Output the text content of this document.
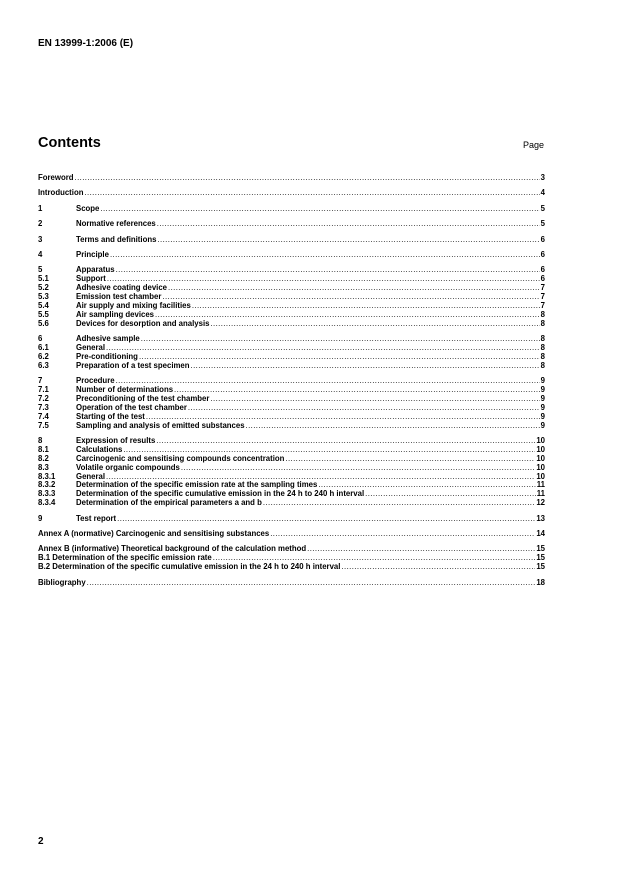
EN 13999-1:2006 (E)
Contents	Page
Foreword .....	3
Introduction .....	4
1	Scope .....	5
2	Normative references .....	5
3	Terms and definitions .....	6
4	Principle .....	6
5	Apparatus .....	6
5.1	Support .....	6
5.2	Adhesive coating device .....	7
5.3	Emission test chamber .....	7
5.4	Air supply and mixing facilities .....	7
5.5	Air sampling devices .....	8
5.6	Devices for desorption and analysis .....	8
6	Adhesive sample .....	8
6.1	General .....	8
6.2	Pre-conditioning .....	8
6.3	Preparation of a test specimen .....	8
7	Procedure .....	9
7.1	Number of determinations .....	9
7.2	Preconditioning of the test chamber .....	9
7.3	Operation of the test chamber .....	9
7.4	Starting of the test .....	9
7.5	Sampling and analysis of emitted substances .....	9
8	Expression of results .....	10
8.1	Calculations .....	10
8.2	Carcinogenic and sensitising compounds concentration .....	10
8.3	Volatile organic compounds .....	10
8.3.1	General .....	10
8.3.2	Determination of the specific emission rate at the sampling times .....	11
8.3.3	Determination of the specific cumulative emission in the 24 h to 240 h interval .....	11
8.3.4	Determination of the empirical parameters a and b .....	12
9	Test report .....	13
Annex A (normative) Carcinogenic and sensitising substances .....	14
Annex B (informative) Theoretical background of the calculation method .....	15
B.1 Determination of the specific emission rate .....	15
B.2 Determination of the specific cumulative emission in the 24 h to 240 h interval .....	15
Bibliography .....	18
2
